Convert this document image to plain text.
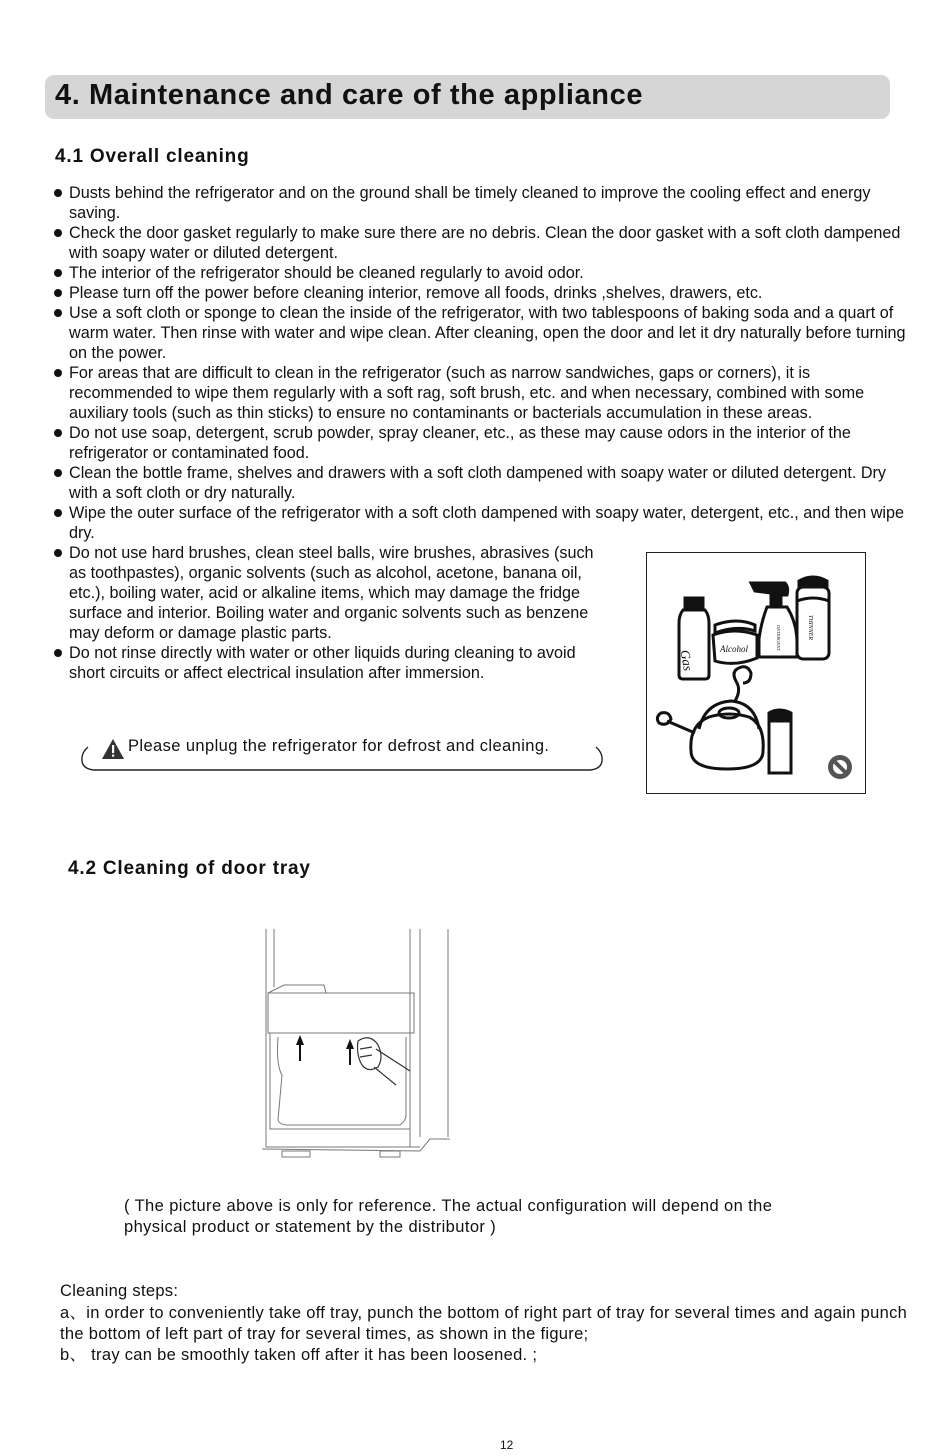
4. Maintenance and care of the appliance
4.1 Overall cleaning
Dusts behind the refrigerator and on the ground shall be timely cleaned to improve the cooling effect and energy saving.
Check the door gasket regularly to make sure there are no debris. Clean the door gasket with a soft cloth dampened with soapy water or diluted detergent.
The interior of the refrigerator should be cleaned regularly to avoid odor.
Please turn off the power before cleaning interior, remove all foods, drinks ,shelves, drawers, etc.
Use a soft cloth or sponge to clean the inside of the refrigerator, with two tablespoons of baking soda and a quart of warm water. Then rinse with water and wipe clean. After cleaning, open the door and let it dry naturally before turning on the power.
For areas that are difficult to clean in the refrigerator (such as narrow sandwiches, gaps or corners), it is recommended to wipe them regularly with a soft rag, soft brush, etc. and when necessary, combined with some auxiliary tools (such as thin sticks) to ensure no contaminants or bacterials accumulation in these areas.
Do not use soap, detergent, scrub powder, spray cleaner, etc., as these may cause odors in the interior of the refrigerator or contaminated food.
Clean the bottle frame, shelves and drawers with a soft cloth dampened with soapy water or diluted detergent. Dry with a soft cloth or dry naturally.
Wipe the outer surface of the refrigerator with a soft cloth dampened with soapy water, detergent, etc., and then wipe dry.
Do not use hard brushes, clean steel balls, wire brushes, abrasives (such as toothpastes), organic solvents (such as alcohol, acetone, banana oil, etc.), boiling water, acid or alkaline items, which may damage the fridge surface and interior. Boiling water and organic solvents such as benzene may deform or damage plastic parts.
Do not rinse directly with water or other liquids during cleaning to avoid short circuits or affect electrical insulation after immersion.
Please unplug the refrigerator for defrost and cleaning.
Gas	Alcohol	DETERGENT	THINNER
4.2 Cleaning of door tray
( The picture above is only for reference. The actual configuration will depend on the physical product or statement by the distributor )
Cleaning steps:
a、in order to conveniently take off tray, punch the bottom of right part of tray for several times and again punch the bottom of left part of tray for several times, as shown in the figure;
b、 tray can be smoothly taken off after it has been loosened. ;
12
